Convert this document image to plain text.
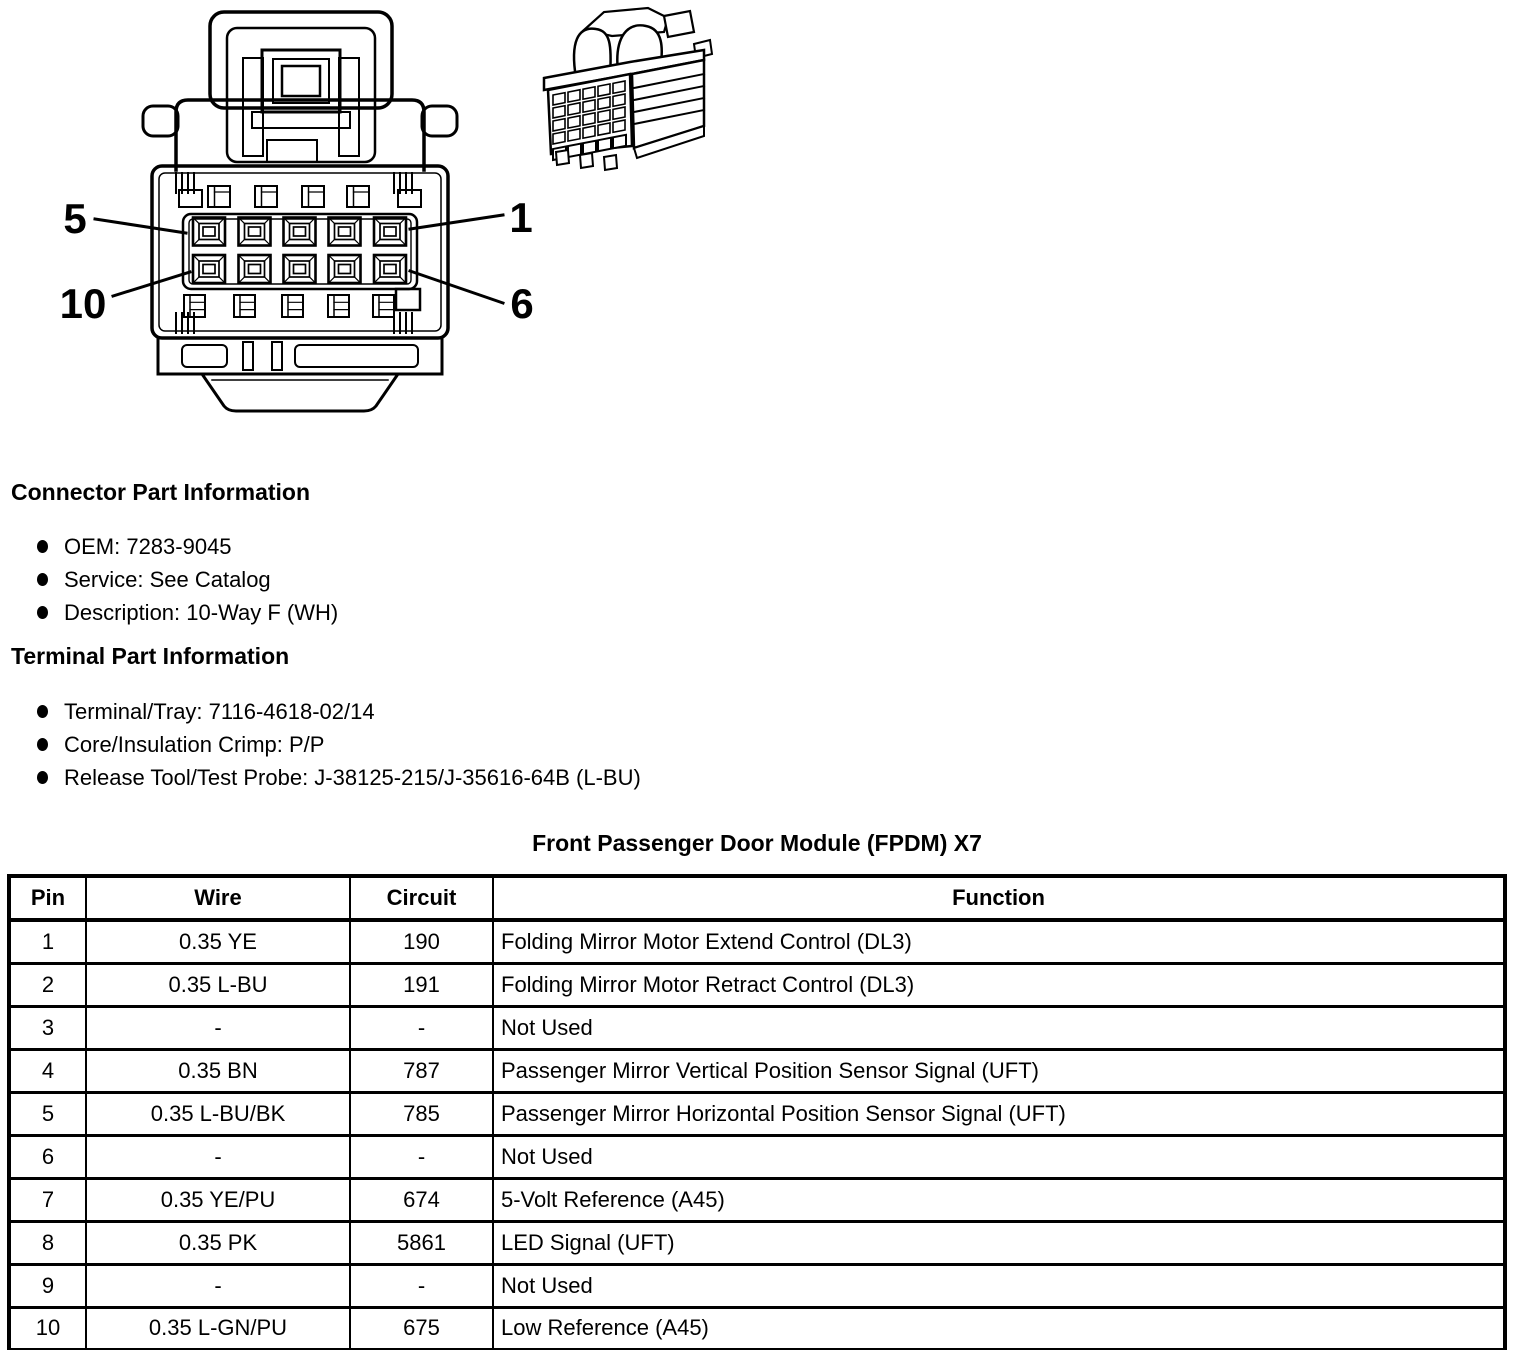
5
10
1
6
Connector Part Information
OEM: 7283-9045
Service: See Catalog
Description: 10-Way F (WH)
Terminal Part Information
Terminal/Tray: 7116-4618-02/14
Core/Insulation Crimp: P/P
Release Tool/Test Probe: J-38125-215/J-35616-64B (L-BU)
Front Passenger Door Module (FPDM) X7
Pin	Wire	Circuit	Function
1	0.35 YE	190	Folding Mirror Motor Extend Control (DL3)
2	0.35 L-BU	191	Folding Mirror Motor Retract Control (DL3)
3	-	-	Not Used
4	0.35 BN	787	Passenger Mirror Vertical Position Sensor Signal (UFT)
5	0.35 L-BU/BK	785	Passenger Mirror Horizontal Position Sensor Signal (UFT)
6	-	-	Not Used
7	0.35 YE/PU	674	5-Volt Reference (A45)
8	0.35 PK	5861	LED Signal (UFT)
9	-	-	Not Used
10	0.35 L-GN/PU	675	Low Reference (A45)
